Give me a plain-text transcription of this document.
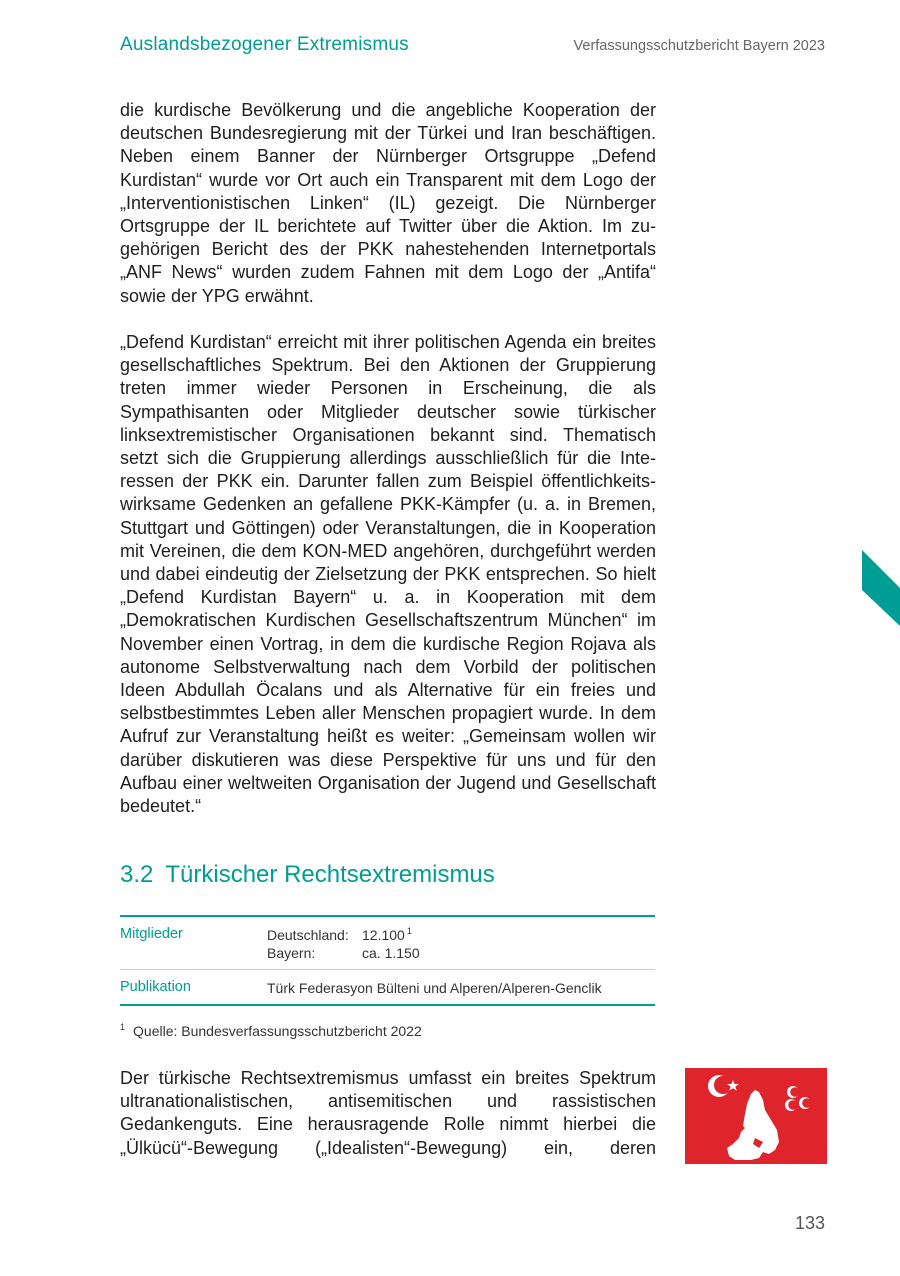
Auslandsbezogener Extremismus	Verfassungsschutzbericht Bayern 2023

die kurdische Bevölkerung und die angebliche Kooperation der deutschen Bundesregierung mit der Türkei und Iran beschäftigen. Neben einem Banner der Nürnberger Ortsgruppe „Defend Kurdistan“ wurde vor Ort auch ein Transparent mit dem Logo der „Interventionistischen Linken“ (IL) gezeigt. Die Nürnberger Ortsgruppe der IL berichtete auf Twitter über die Aktion. Im zugehörigen Bericht des der PKK nahestehenden Internetportals „ANF News“ wurden zudem Fahnen mit dem Logo der „Antifa“ sowie der YPG erwähnt.

„Defend Kurdistan“ erreicht mit ihrer politischen Agenda ein breites gesellschaftliches Spektrum. Bei den Aktionen der Gruppierung treten immer wieder Personen in Erscheinung, die als Sympathisanten oder Mitglieder deutscher sowie türkischer linksextremistischer Organisationen bekannt sind. Thematisch setzt sich die Gruppierung allerdings ausschließlich für die Interessen der PKK ein. Darunter fallen zum Beispiel öffentlichkeitswirksame Gedenken an gefallene PKK-Kämpfer (u. a. in Bremen, Stuttgart und Göttingen) oder Veranstaltungen, die in Kooperation mit Vereinen, die dem KON-MED angehören, durchgeführt werden und dabei eindeutig der Zielsetzung der PKK entsprechen. So hielt „Defend Kurdistan Bayern“ u. a. in Kooperation mit dem „Demokratischen Kurdischen Gesellschaftszentrum München“ im November einen Vortrag, in dem die kurdische Region Rojava als autonome Selbstverwaltung nach dem Vorbild der politischen Ideen Abdullah Öcalans und als Alternative für ein freies und selbstbestimmtes Leben aller Menschen propagiert wurde. In dem Aufruf zur Veranstaltung heißt es weiter: „Gemeinsam wollen wir darüber diskutieren was diese Perspektive für uns und für den Aufbau einer weltweiten Organisation der Jugend und Gesellschaft bedeutet.“

3.2 Türkischer Rechtsextremismus
Mitglieder	Deutschland: 12.100 $^1$
Bayern:	ca. 1.150
Publikation	Türk Federasyon Bülteni und Alperen/Alperen-Genclik
$^1$ Quelle: Bundesverfassungsschutzbericht 2022

Der türkische Rechtsextremismus umfasst ein breites Spektrum ultranationalistischen, antisemitischen und rassistischen Gedankenguts. Eine herausragende Rolle nimmt hierbei die „Ülkücü“-Bewegung („Idealisten“-Bewegung) ein, deren

133
